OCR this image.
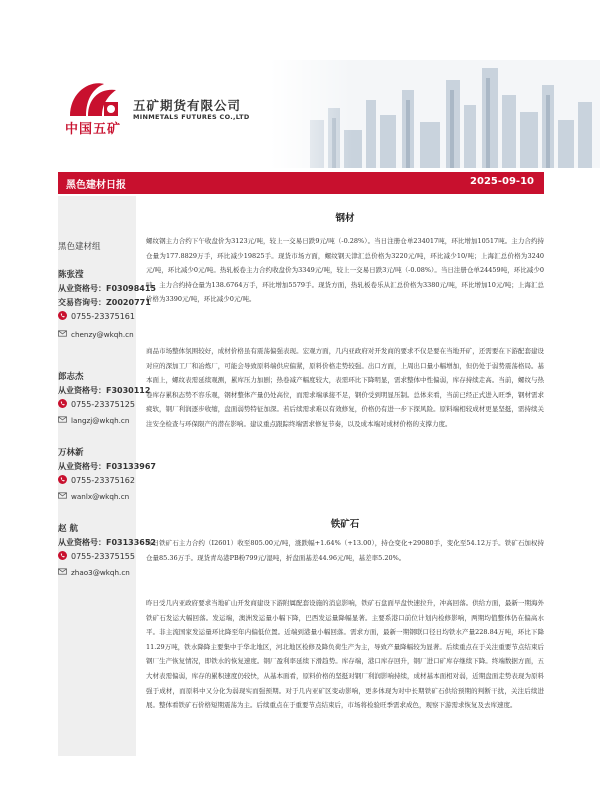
中国五矿
五矿期货有限公司
MINMETALS FUTURES CO.,LTD
黑色建材日报	2025-09-10
黑色建材组
陈张滢
从业资格号：F03098415
交易咨询号：Z0020771
0755-23375161
chenzy@wkqh.cn
郎志杰
从业资格号：F3030112
0755-23375125
langzj@wkqh.cn
万林新
从业资格号：F03133967
0755-23375162
wanlx@wkqh.cn
赵 航
从业资格号：F03133652
0755-23375155
zhao3@wkqh.cn
钢材

螺纹钢主力合约下午收盘价为3123元/吨，较上一交易日跌9元/吨（-0.28%）。当日注册仓单234017吨，环比增加10517吨。主力合约持仓量为177.8829万手，环比减少19825手。现货市场方面，螺纹钢天津汇总价格为3220元/吨，环比减少10/吨；上海汇总价格为3240元/吨，环比减少0元/吨。热轧板卷主力合约收盘价为3349元/吨，较上一交易日跌3元/吨（-0.08%）。当日注册仓单24459吨，环比减少0吨。主力合约持仓量为138.6764万手，环比增加5579手。现货方面，热轧板卷乐从汇总价格为3380元/吨，环比增加10元/吨；上海汇总价格为3390元/吨，环比减少0元/吨。

商品市场整体氛围较好，成材价格虽有震荡偏强表现。宏观方面，几内亚政府对开发商的要求不仅是要在当地开矿，还需要在下游配套建设对应的深加工厂和冶炼厂，可能会导致原料端供应偏紧，原料价格走势较强。出口方面，上周出口量小幅增加，但仍处于弱势震荡格局。基本面上，螺纹表需延续观测，累库压力加剧；热卷减产幅度较大，表需环比下降明显，需求整体中性偏弱，库存持续走高。当前，螺纹与热卷库存累积态势不容乐观，钢材整体产量仍处高位，而需求端承接不足，钢价受到明显压制。总体来看，当前已经正式进入旺季，钢材需求疲软，钢厂利润逐步收缩，盘面弱势特征加深。若后续需求难以有效修复，价格仍有进一步下探风险。原料端相较成材更显坚挺，需持续关注安全检查与环保限产的潜在影响。建议重点跟踪终端需求修复节奏，以及成本端对成材价格的支撑力度。

铁矿石

昨日铁矿石主力合约（I2601）收至805.00元/吨，涨跌幅+1.64%（+13.00），持仓变化+29080手，变化至54.12万手。铁矿石加权持仓量85.36万手。现货青岛港PB粉799元/湿吨，折盘面基差44.96元/吨，基差率5.20%。

昨日受几内亚政府要求当地矿山开发商建设下游附属配套设施的消息影响，铁矿石盘面早盘快速拉升，冲高回落。供给方面，最新一期海外铁矿石发运大幅回落。发运端，澳洲发运量小幅下降，巴西发运量降幅显著。主要系港口前位计划内检修影响，两期均值整体仍在偏高水平。非主流国家发运量环比降至年内偏低位置。近端到港量小幅回落。需求方面，最新一期钢联口径日均铁水产量228.84万吨，环比下降11.29万吨，铁水降降主要集中于华北地区，河北地区检修及降负荷生产为主，导致产量降幅较为显著。后续重点在于关注重要节点结束后钢厂生产恢复情况，即铁水的恢复速度。钢厂盈利率延续下滑趋势。库存端，港口库存回升，钢厂进口矿库存继续下降。终端数据方面，五大材表需偏弱，库存的累积速度仍较快，从基本面看，原料价格的坚挺对钢厂利润影响持续，成材基本面相对弱，近期盘面走势表现为原料强于成材，而原料中又分化为弱现实而强预期。对于几内亚矿区变动影响，更多体现为对中长期铁矿石供给预期的判断干扰，关注后续进展。整体看铁矿石价格短期震荡为主。后续重点在于重要节点结束后，市场将检验旺季需求成色，观察下游需求恢复及去库速度。
